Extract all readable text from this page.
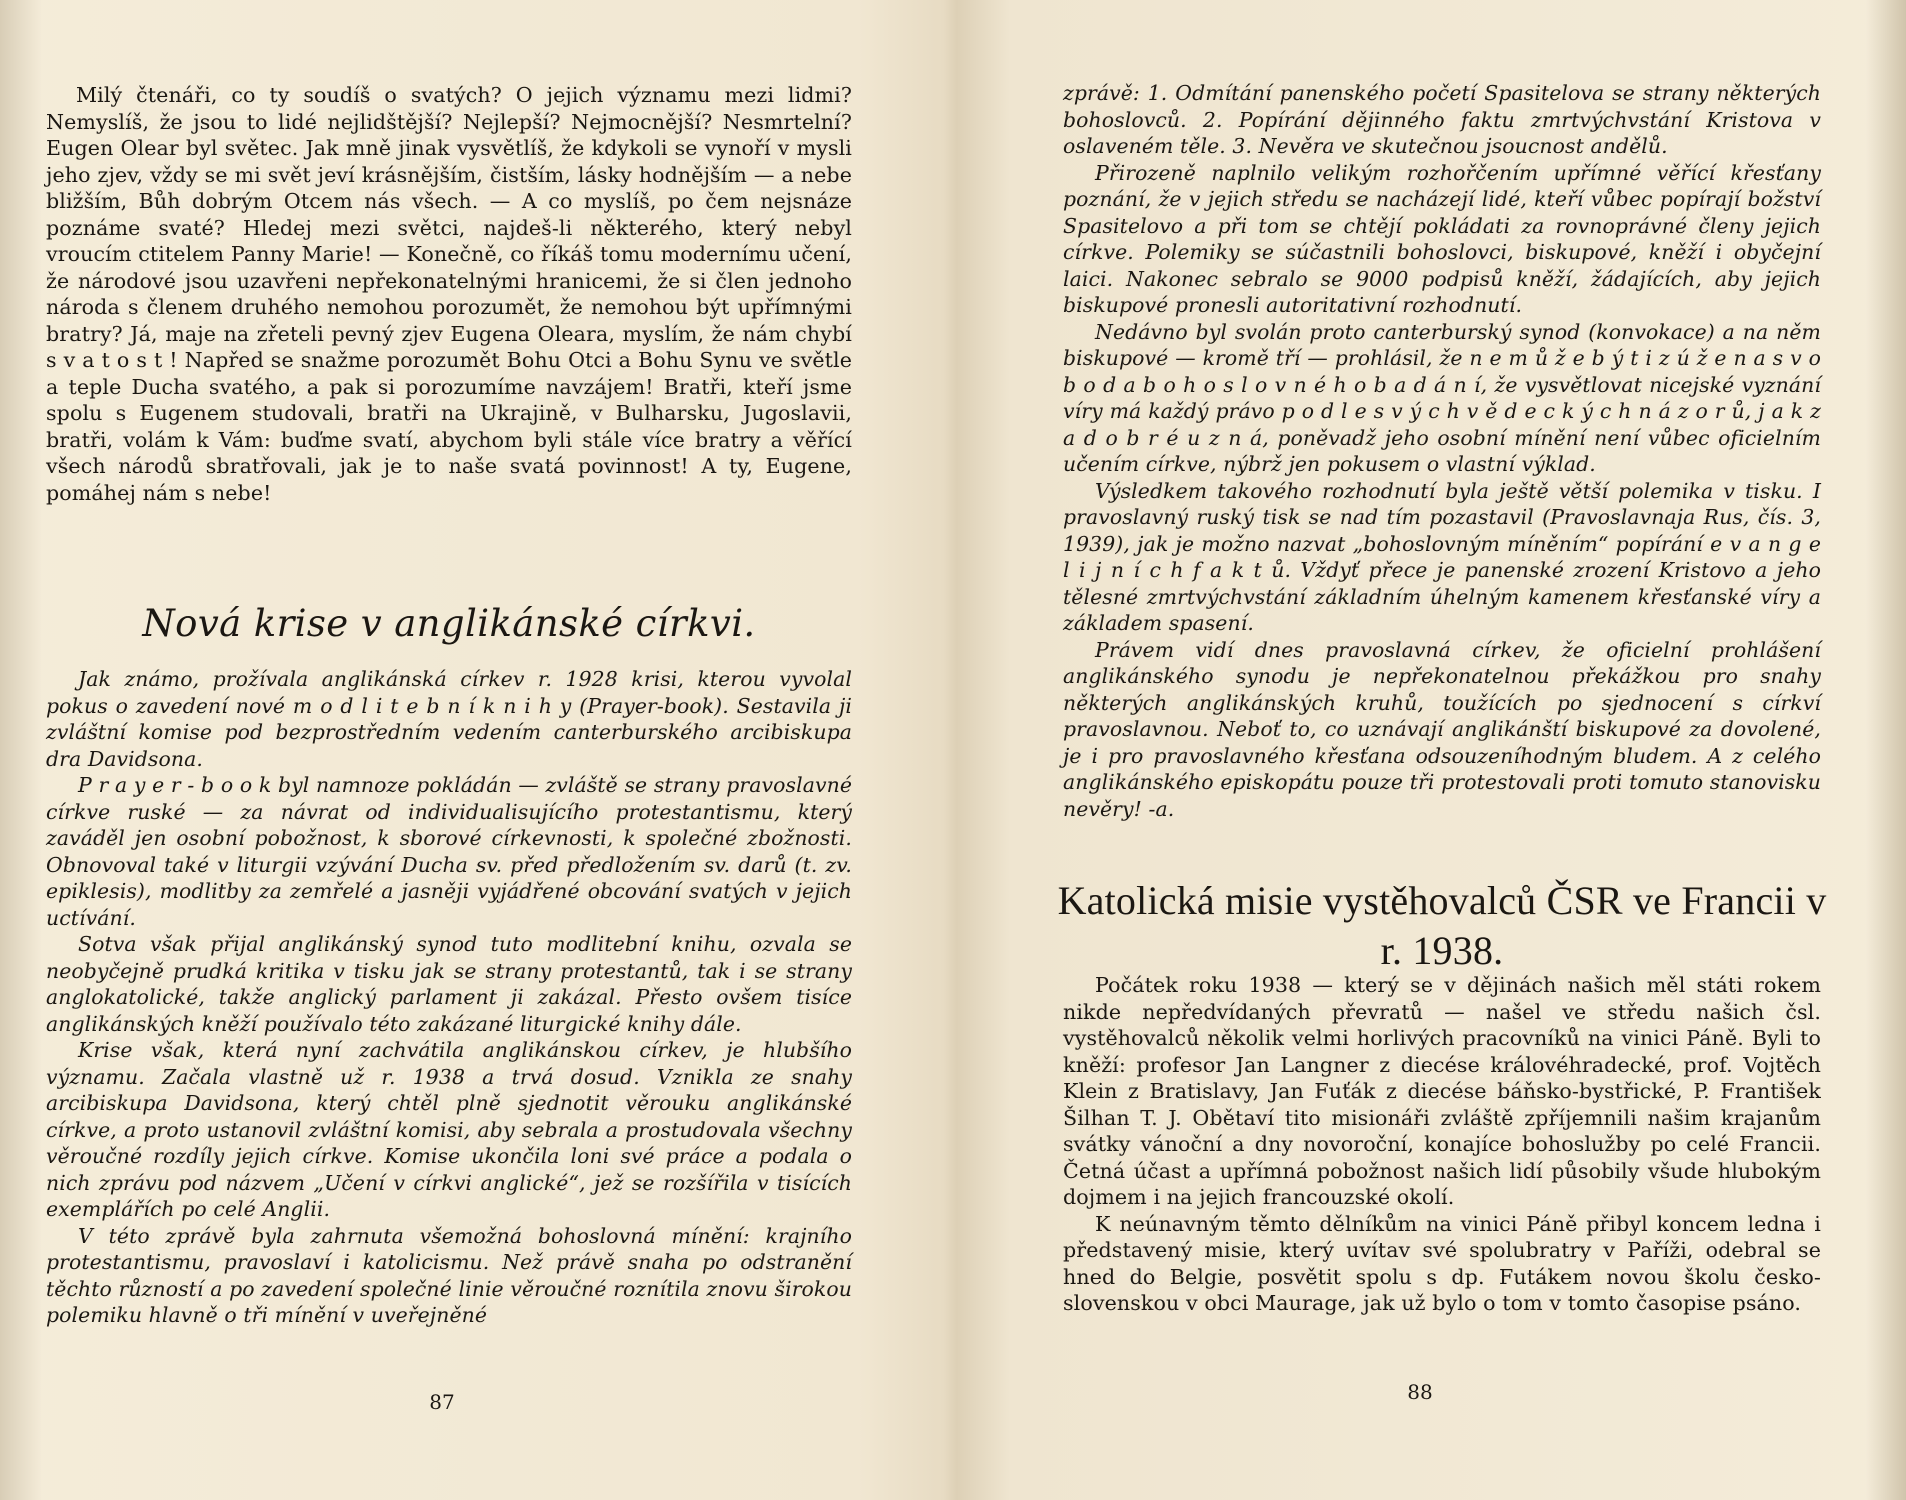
Milý čtenáři, co ty soudíš o svatých? O jejich významu mezi lidmi? Nemyslíš, že jsou to lidé nejlidštější? Nejlepší? Nejmocnější? Nesmrtelní? Eugen Olear byl světec. Jak mně jinak vysvětlíš, že kdykoli se vynoří v mysli jeho zjev, vždy se mi svět jeví krásnějším, čistším, lásky hodnějším — a nebe bližším, Bůh dobrým Otcem nás všech. — A co myslíš, po čem nejsnáze poznáme svaté? Hledej mezi světci, najdeš-li některého, který nebyl vroucím ctitelem Panny Marie! — Konečně, co říkáš tomu modernímu učení, že národové jsou uzavřeni nepřekonatelnými hranicemi, že si člen jednoho národa s členem druhého nemohou porozumět, že nemohou být upřímnými bratry? Já, maje na zřeteli pevný zjev Eugena Oleara, myslím, že nám chybí s v a t o s t ! Napřed se snažme porozumět Bohu Otci a Bohu Synu ve světle a teple Ducha svatého, a pak si porozumíme navzájem! Bratři, kteří jsme spolu s Eugenem studovali, bratři na Ukrajině, v Bulharsku, Jugoslavii, bratři, volám k Vám: buďme svatí, abychom byli stále více bratry a věřící všech národů sbratřovali, jak je to naše svatá povinnost! A ty, Eugene, pomáhej nám s nebe!

Nová krise v anglikánské církvi.

Jak známo, prožívala anglikánská církev r. 1928 krisi, kterou vyvolal pokus o zavedení nové m o d l i t e b n í k n i h y (Prayer-book). Sestavila ji zvláštní komise pod bezprostředním vedením canterburského arcibiskupa dra Davidsona.

P r a y e r - b o o k byl namnoze pokládán — zvláště se strany pravoslavné církve ruské — za návrat od individualisujícího protestantismu, který zaváděl jen osobní pobožnost, k sborové církevnosti, k společné zbožnosti. Obnovoval také v liturgii vzývání Ducha sv. před předložením sv. darů (t. zv. epiklesis), modlitby za zemřelé a jasněji vyjádřené obcování svatých v jejich uctívání.

Sotva však přijal anglikánský synod tuto modlitební knihu, ozvala se neobyčejně prudká kritika v tisku jak se strany protestantů, tak i se strany anglokatolické, takže anglický parlament ji zakázal. Přesto ovšem tisíce anglikánských kněží používalo této zakázané liturgické knihy dále.

Krise však, která nyní zachvátila anglikánskou církev, je hlubšího významu. Začala vlastně už r. 1938 a trvá dosud. Vznikla ze snahy arcibiskupa Davidsona, který chtěl plně sjednotit věrouku anglikánské církve, a proto ustanovil zvláštní komisi, aby sebrala a prostudovala všechny věroučné rozdíly jejich církve. Komise ukončila loni své práce a podala o nich zprávu pod názvem „Učení v církvi anglické“, jež se rozšířila v tisících exemplářích po celé Anglii.

V této zprávě byla zahrnuta všemožná bohoslovná mínění: krajního protestantismu, pravoslaví i katolicismu. Než právě snaha po odstranění těchto růzností a po zavedení společné linie věroučné roznítila znovu širokou polemiku hlavně o tři mínění v uveřejněné

87

zprávě: 1. Odmítání panenského početí Spasitelova se strany některých bohoslovců. 2. Popírání dějinného faktu zmrtvýchvstání Kristova v oslaveném těle. 3. Nevěra ve skutečnou jsoucnost andělů.

Přirozeně naplnilo velikým rozhořčením upřímné věřící křesťany poznání, že v jejich středu se nacházejí lidé, kteří vůbec popírají božství Spasitelovo a při tom se chtějí pokládati za rovnoprávné členy jejich církve. Polemiky se súčastnili bohoslovci, biskupové, kněží i obyčejní laici. Nakonec sebralo se 9000 podpisů kněží, žádajících, aby jejich biskupové pronesli autoritativní rozhodnutí.

Nedávno byl svolán proto canterburský synod (konvokace) a na něm biskupové — kromě tří — prohlásil, že n e m ů ž e b ý t i z ú ž e n a s v o b o d a b o h o s l o v n é h o b a d á n í, že vysvětlovat nicejské vyznání víry má každý právo p o d l e s v ý c h v ě d e c k ý c h n á z o r ů, j a k z a d o b r é u z n á, poněvadž jeho osobní mínění není vůbec oficielním učením církve, nýbrž jen pokusem o vlastní výklad.

Výsledkem takového rozhodnutí byla ještě větší polemika v tisku. I pravoslavný ruský tisk se nad tím pozastavil (Pravoslavnaja Rus, čís. 3, 1939), jak je možno nazvat „bohoslovným míněním“ popírání e v a n g e l i j n í c h f a k t ů. Vždyť přece je panenské zrození Kristovo a jeho tělesné zmrtvýchvstání základním úhelným kamenem křesťanské víry a základem spasení.

Právem vidí dnes pravoslavná církev, že oficielní prohlášení anglikánského synodu je nepřekonatelnou překážkou pro snahy některých anglikánských kruhů, toužících po sjednocení s církví pravoslavnou. Neboť to, co uznávají anglikánští biskupové za dovolené, je i pro pravoslavného křesťana odsouzeníhodným bludem. A z celého anglikánského episkopátu pouze tři protestovali proti tomuto stanovisku nevěry! -a.

Katolická misie vystěhovalců ČSR ve Francii v r. 1938.

Počátek roku 1938 — který se v dějinách našich měl státi rokem nikde nepředvídaných převratů — našel ve středu našich čsl. vystěhovalců několik velmi horlivých pracovníků na vinici Páně. Byli to kněží: profesor Jan Langner z diecése královéhradecké, prof. Vojtěch Klein z Bratislavy, Jan Fuťák z diecése báňsko-bystřické, P. František Šilhan T. J. Obětaví tito misionáři zvláště zpříjemnili našim krajanům svátky vánoční a dny novoroční, konajíce bohoslužby po celé Francii. Četná účast a upřímná pobožnost našich lidí působily všude hlubokým dojmem i na jejich francouzské okolí.

K neúnavným těmto dělníkům na vinici Páně přibyl koncem ledna i představený misie, který uvítav své spolubratry v Paříži, odebral se hned do Belgie, posvětit spolu s dp. Futákem novou školu česko-slovenskou v obci Maurage, jak už bylo o tom v tomto časopise psáno.

88
